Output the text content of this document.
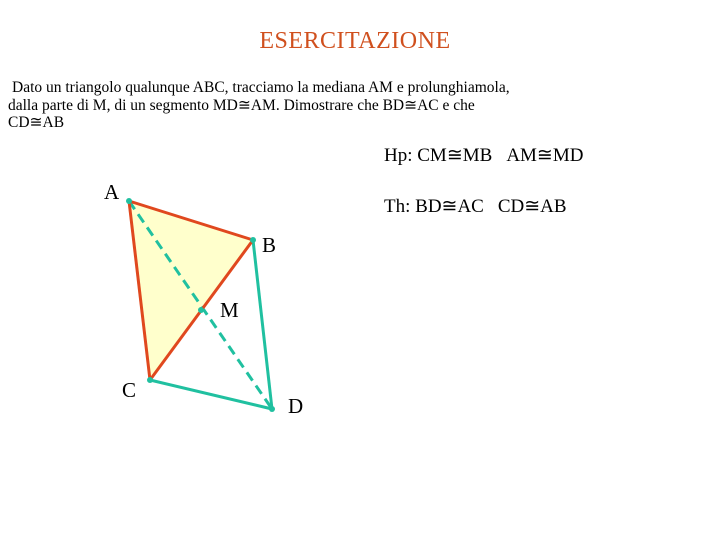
ESERCITAZIONE
Dato un triangolo qualunque ABC, tracciamo la mediana AM e prolunghiamola,
dalla parte di M, di un segmento MD≅AM. Dimostrare che BD≅AC e che
CD≅AB
Hp: CM≅MB AM≅MD
Th: BD≅AC CD≅AB
A
B
M
C
D
